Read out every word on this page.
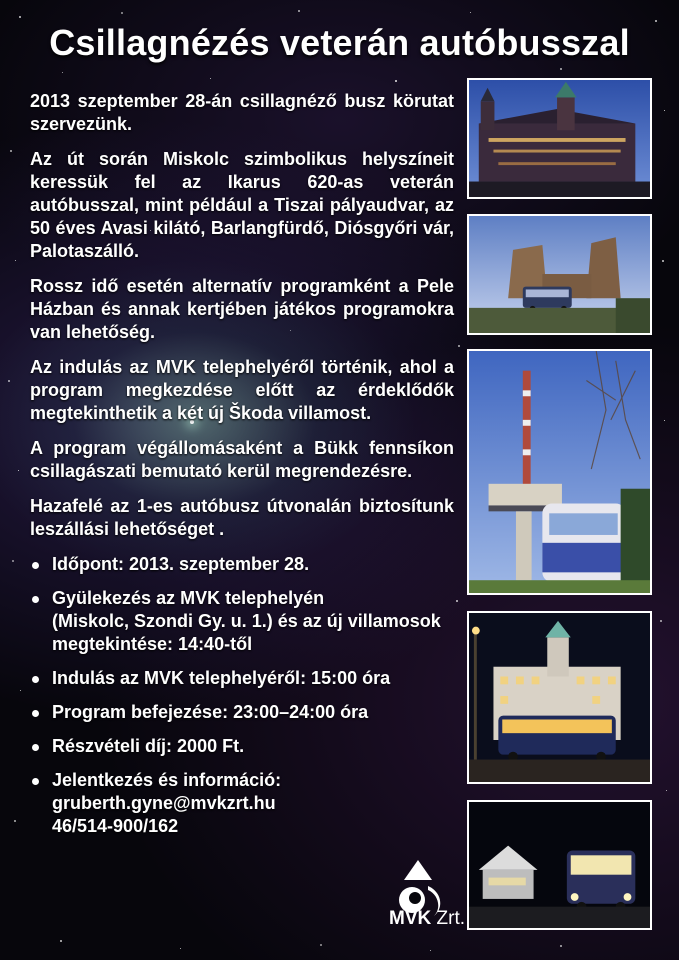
Csillagnézés veterán autóbusszal

2013 szeptember 28-án csillagnéző busz körutat szervezünk.

Az út során Miskolc szimbolikus helyszíneit keressük fel az Ikarus 620-as veterán autóbusszal, mint például a Tiszai pályaudvar, az 50 éves Avasi kilátó, Barlangfürdő, Diósgyőri vár, Palotaszálló.

Rossz idő esetén alternatív programként a Pele Házban és annak kertjében játékos programokra van lehetőség.

Az indulás az MVK telephelyéről történik, ahol a program megkezdése előtt az érdeklődők megtekinthetik a két új Škoda villamost.

A program végállomásaként a Bükk fennsíkon csillagászati bemutató kerül megrendezésre.

Hazafelé az 1-es autóbusz útvonalán biztosítunk leszállási lehetőséget .

Időpont: 2013. szeptember 28.
Gyülekezés az MVK telephelyén
(Miskolc, Szondi Gy. u. 1.) és az új villamosok megtekintése: 14:40-től
Indulás az MVK telephelyéről: 15:00 óra
Program befejezése: 23:00–24:00 óra
Részvételi díj: 2000 Ft.
Jelentkezés és információ:
gruberth.gyne@mvkzrt.hu
46/514-900/162
MVK Zrt.
